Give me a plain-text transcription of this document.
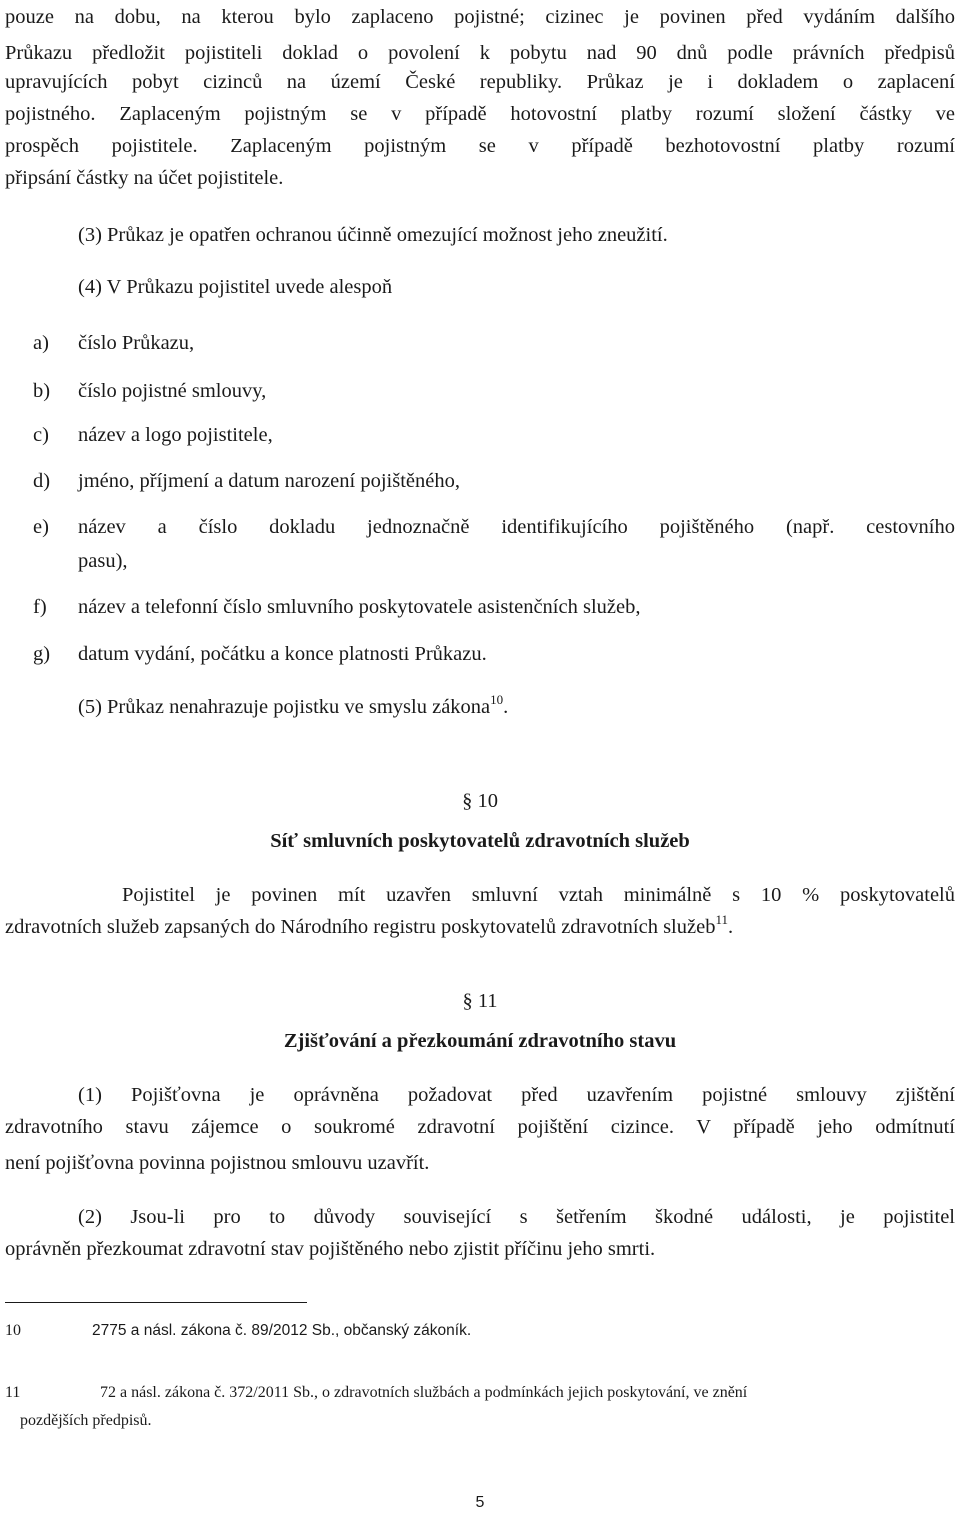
pouze na dobu, na kterou bylo zaplaceno pojistné; cizinec je povinen před vydáním dalšího
Průkazu předložit pojistiteli doklad o povolení k pobytu nad 90 dnů podle právních předpisů
upravujících pobyt cizinců na území České republiky. Průkaz je i dokladem o zaplacení
pojistného. Zaplaceným pojistným se v případě hotovostní platby rozumí složení částky ve
prospěch pojistitele. Zaplaceným pojistným se v případě bezhotovostní platby rozumí
připsání částky na účet pojistitele.
(3) Průkaz je opatřen ochranou účinně omezující možnost jeho zneužití.
(4) V Průkazu pojistitel uvede alespoň
a) číslo Průkazu,
b) číslo pojistné smlouvy,
c) název a logo pojistitele,
d) jméno, příjmení a datum narození pojištěného,
e) název a číslo dokladu jednoznačně identifikujícího pojištěného (např. cestovního
pasu),
f) název a telefonní číslo smluvního poskytovatele asistenčních služeb,
g) datum vydání, počátku a konce platnosti Průkazu.
(5) Průkaz nenahrazuje pojistku ve smyslu zákona$^{10}$.
§ 10
Síť smluvních poskytovatelů zdravotních služeb
Pojistitel je povinen mít uzavřen smluvní vztah minimálně s 10 % poskytovatelů
zdravotních služeb zapsaných do Národního registru poskytovatelů zdravotních služeb$^{11}$.
§ 11
Zjišťování a přezkoumání zdravotního stavu
(1) Pojišťovna je oprávněna požadovat před uzavřením pojistné smlouvy zjištění
zdravotního stavu zájemce o soukromé zdravotní pojištění cizince. V případě jeho odmítnutí
není pojišťovna povinna pojistnou smlouvu uzavřít.
(2) Jsou-li pro to důvody související s šetřením škodné události, je pojistitel
oprávněn přezkoumat zdravotní stav pojištěného nebo zjistit příčinu jeho smrti.
10	2775 a násl. zákona č. 89/2012 Sb., občanský zákoník.
11	72 a násl. zákona č. 372/2011 Sb., o zdravotních službách a podmínkách jejich poskytování, ve znění
pozdějších předpisů.
5
